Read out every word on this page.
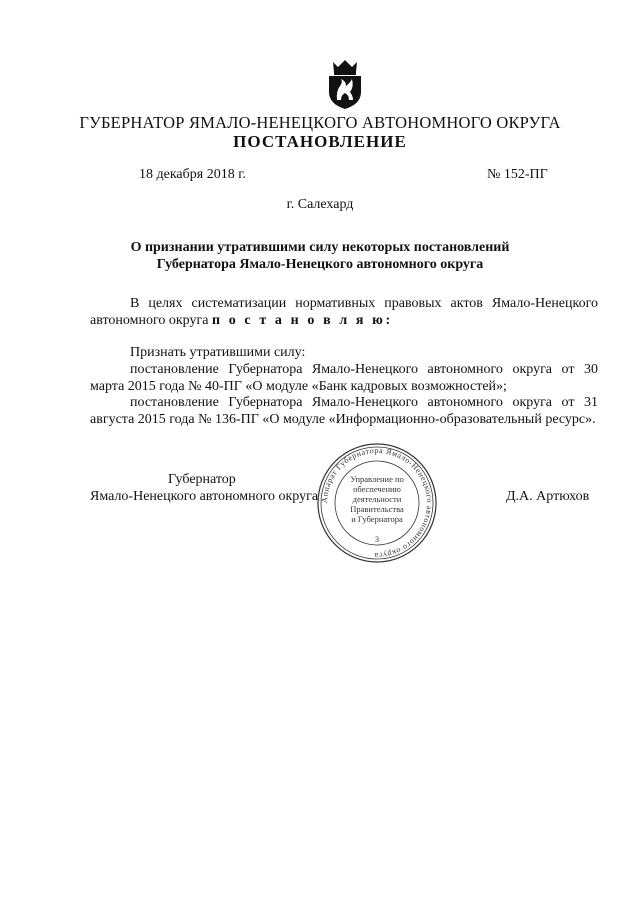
ГУБЕРНАТОР ЯМАЛО-НЕНЕЦКОГО АВТОНОМНОГО ОКРУГА
ПОСТАНОВЛЕНИЕ
18 декабря 2018 г.	№ 152-ПГ
г. Салехард
О признании утратившими силу некоторых постановлений
Губернатора Ямало-Ненецкого автономного округа
В целях систематизации нормативных правовых актов Ямало-Ненецкого автономного округа п о с т а н о в л я ю:
Признать утратившими силу:
постановление Губернатора Ямало-Ненецкого автономного округа от 30 марта 2015 года № 40-ПГ «О модуле «Банк кадровых возможностей»;
постановление Губернатора Ямало-Ненецкого автономного округа от 31 августа 2015 года № 136-ПГ «О модуле «Информационно-образовательный ресурс».
Губернатор
Ямало-Ненецкого автономного округа	Д.А. Артюхов
Аппарат Губернатора Ямало-Ненецкого автономного округа
Управление по
обеспечению
деятельности
Правительства
и Губернатора
3
